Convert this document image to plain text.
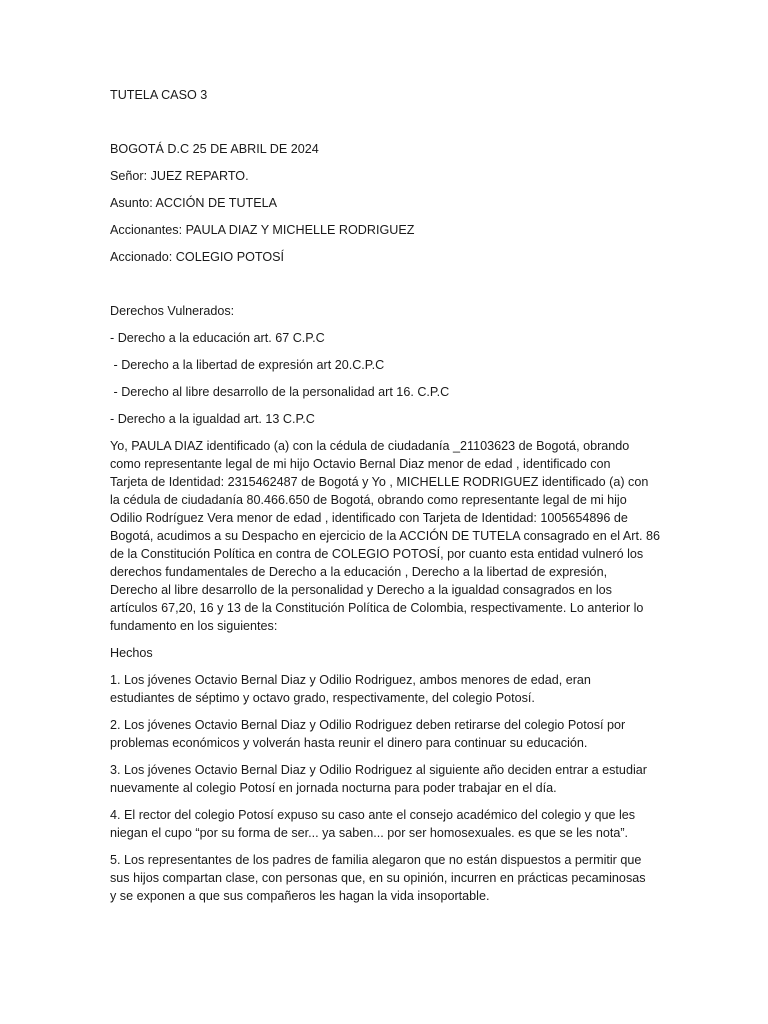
TUTELA CASO 3

BOGOTÁ D.C 25 DE ABRIL DE 2024

Señor: JUEZ REPARTO.

Asunto: ACCIÓN DE TUTELA

Accionantes: PAULA DIAZ Y MICHELLE RODRIGUEZ

Accionado: COLEGIO POTOSÍ

Derechos Vulnerados:

- Derecho a la educación art. 67 C.P.C

- Derecho a la libertad de expresión art 20.C.P.C

- Derecho al libre desarrollo de la personalidad art 16. C.P.C

- Derecho a la igualdad art. 13 C.P.C

Yo, PAULA DIAZ identificado (a) con la cédula de ciudadanía _21103623 de Bogotá, obrando

como representante legal de mi hijo Octavio Bernal Diaz menor de edad , identificado con

Tarjeta de Identidad: 2315462487 de Bogotá y Yo , MICHELLE RODRIGUEZ identificado (a) con

la cédula de ciudadanía 80.466.650 de Bogotá, obrando como representante legal de mi hijo

Odilio Rodríguez Vera menor de edad , identificado con Tarjeta de Identidad: 1005654896 de

Bogotá, acudimos a su Despacho en ejercicio de la ACCIÓN DE TUTELA consagrado en el Art. 86

de la Constitución Política en contra de COLEGIO POTOSÍ, por cuanto esta entidad vulneró los

derechos fundamentales de Derecho a la educación , Derecho a la libertad de expresión,

Derecho al libre desarrollo de la personalidad y Derecho a la igualdad consagrados en los

artículos 67,20, 16 y 13 de la Constitución Política de Colombia, respectivamente. Lo anterior lo

fundamento en los siguientes:

Hechos

1. Los jóvenes Octavio Bernal Diaz y Odilio Rodriguez, ambos menores de edad, eran

estudiantes de séptimo y octavo grado, respectivamente, del colegio Potosí.

2. Los jóvenes Octavio Bernal Diaz y Odilio Rodriguez deben retirarse del colegio Potosí por

problemas económicos y volverán hasta reunir el dinero para continuar su educación.

3. Los jóvenes Octavio Bernal Diaz y Odilio Rodriguez al siguiente año deciden entrar a estudiar

nuevamente al colegio Potosí en jornada nocturna para poder trabajar en el día.

4. El rector del colegio Potosí expuso su caso ante el consejo académico del colegio y que les

niegan el cupo “por su forma de ser... ya saben... por ser homosexuales. es que se les nota”.

5. Los representantes de los padres de familia alegaron que no están dispuestos a permitir que

sus hijos compartan clase, con personas que, en su opinión, incurren en prácticas pecaminosas

y se exponen a que sus compañeros les hagan la vida insoportable.
